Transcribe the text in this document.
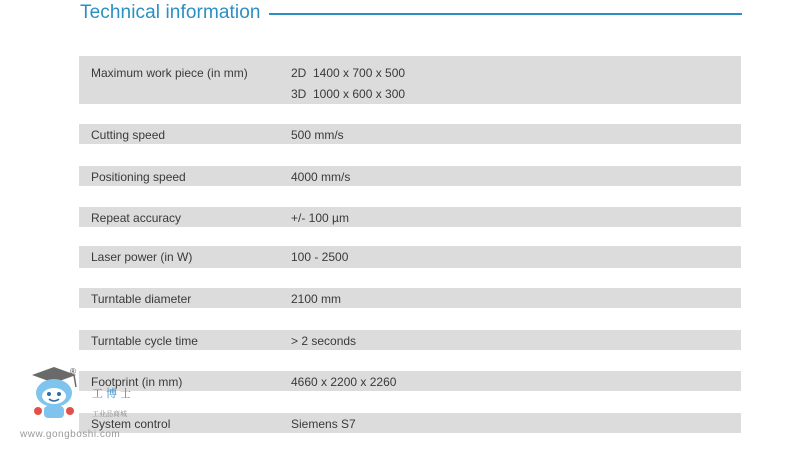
Technical information
Maximum work piece (in mm)	2D  1400 x 700 x 500
3D  1000 x 600 x 300
Cutting speed	500 mm/s
Positioning speed	4000 mm/s
Repeat accuracy	+/- 100 µm
Laser power (in W)	100 - 2500
Turntable diameter	2100 mm
Turntable cycle time	> 2 seconds
Footprint (in mm)	4660 x 2200 x 2260
System control	Siemens S7
®
工博士
工业品商城
www.gongboshi.com
